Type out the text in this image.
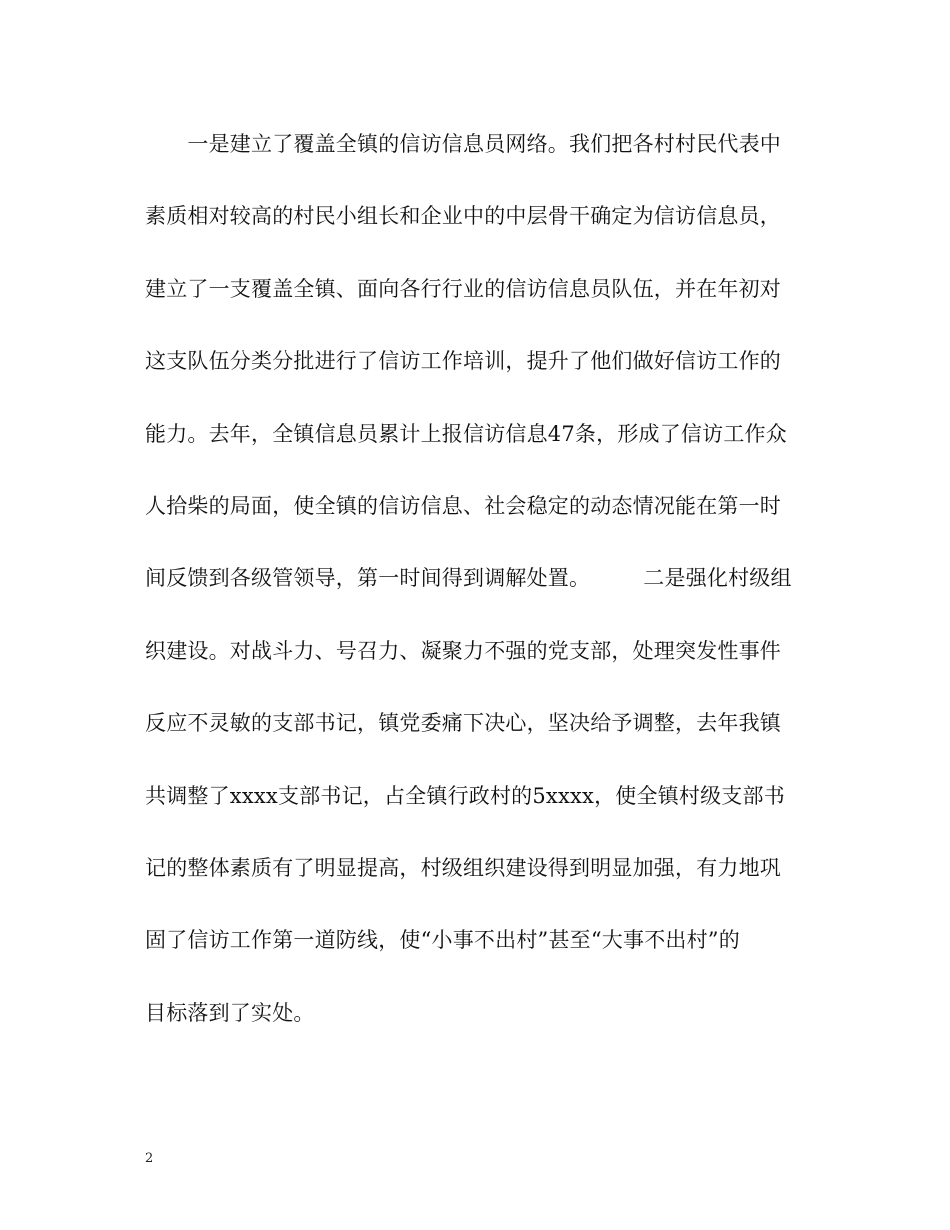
　　一是建立了覆盖全镇的信访信息员网络。我们把各村村民代表中
素质相对较高的村民小组长和企业中的中层骨干确定为信访信息员，
建立了一支覆盖全镇、面向各行行业的信访信息员队伍，并在年初对
这支队伍分类分批进行了信访工作培训，提升了他们做好信访工作的
能力。去年，全镇信息员累计上报信访信息47条，形成了信访工作众
人拾柴的局面，使全镇的信访信息、社会稳定的动态情况能在第一时
间反馈到各级管领导，第一时间得到调解处置。　　　二是强化村级组
织建设。对战斗力、号召力、凝聚力不强的党支部，处理突发性事件
反应不灵敏的支部书记，镇党委痛下决心，坚决给予调整，去年我镇
共调整了xxxx支部书记，占全镇行政村的5xxxx，使全镇村级支部书
记的整体素质有了明显提高，村级组织建设得到明显加强，有力地巩
固了信访工作第一道防线，使“小事不出村”甚至“大事不出村”的
目标落到了实处。
2
